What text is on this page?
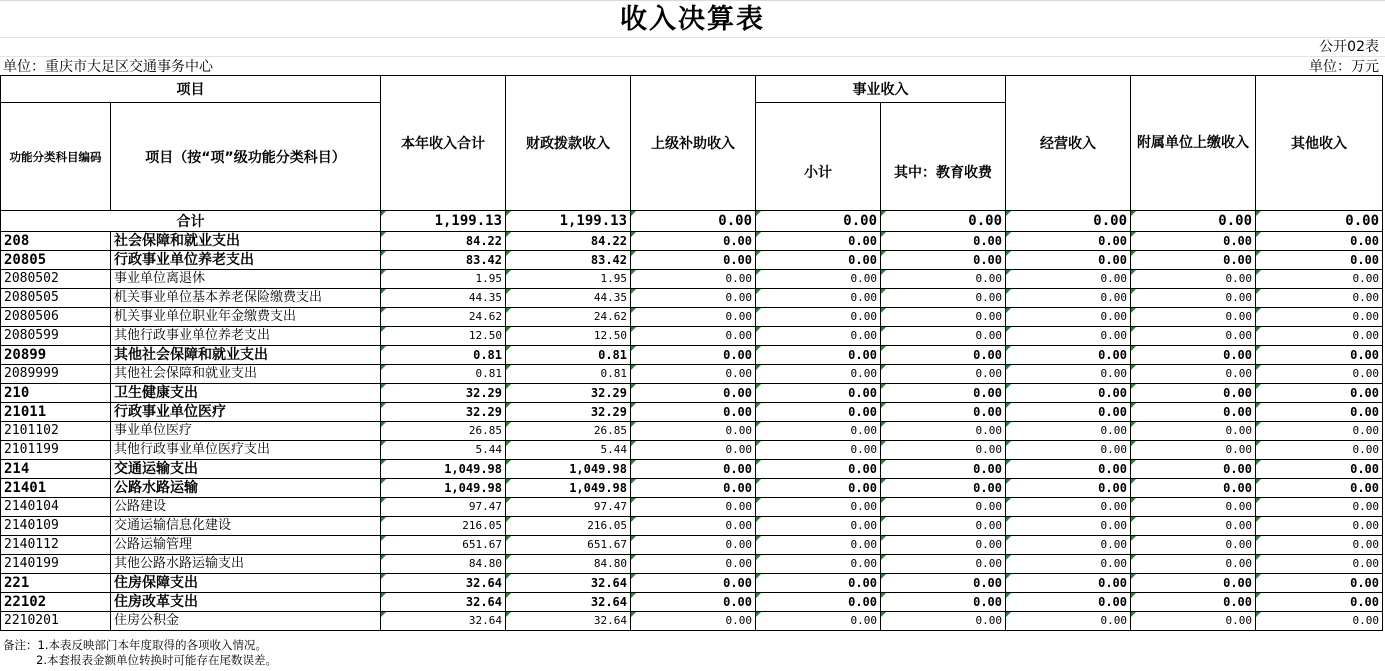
收入决算表
公开02表
单位：重庆市大足区交通事务中心	单位：万元
项目		本年收入合计	财政拨款收入	上级补助收入	事业收入		经营收入	附属单位上缴收入	其他收入
功能分类科目编码	项目（按“项”级功能分类科目）				小计	其中：教育收费			
合计		1,199.13	1,199.13	0.00	0.00	0.00	0.00	0.00	0.00
208	社会保障和就业支出	84.22	84.22	0.00	0.00	0.00	0.00	0.00	0.00
20805	行政事业单位养老支出	83.42	83.42	0.00	0.00	0.00	0.00	0.00	0.00
2080502	事业单位离退休	1.95	1.95	0.00	0.00	0.00	0.00	0.00	0.00
2080505	机关事业单位基本养老保险缴费支出	44.35	44.35	0.00	0.00	0.00	0.00	0.00	0.00
2080506	机关事业单位职业年金缴费支出	24.62	24.62	0.00	0.00	0.00	0.00	0.00	0.00
2080599	其他行政事业单位养老支出	12.50	12.50	0.00	0.00	0.00	0.00	0.00	0.00
20899	其他社会保障和就业支出	0.81	0.81	0.00	0.00	0.00	0.00	0.00	0.00
2089999	其他社会保障和就业支出	0.81	0.81	0.00	0.00	0.00	0.00	0.00	0.00
210	卫生健康支出	32.29	32.29	0.00	0.00	0.00	0.00	0.00	0.00
21011	行政事业单位医疗	32.29	32.29	0.00	0.00	0.00	0.00	0.00	0.00
2101102	事业单位医疗	26.85	26.85	0.00	0.00	0.00	0.00	0.00	0.00
2101199	其他行政事业单位医疗支出	5.44	5.44	0.00	0.00	0.00	0.00	0.00	0.00
214	交通运输支出	1,049.98	1,049.98	0.00	0.00	0.00	0.00	0.00	0.00
21401	公路水路运输	1,049.98	1,049.98	0.00	0.00	0.00	0.00	0.00	0.00
2140104	公路建设	97.47	97.47	0.00	0.00	0.00	0.00	0.00	0.00
2140109	交通运输信息化建设	216.05	216.05	0.00	0.00	0.00	0.00	0.00	0.00
2140112	公路运输管理	651.67	651.67	0.00	0.00	0.00	0.00	0.00	0.00
2140199	其他公路水路运输支出	84.80	84.80	0.00	0.00	0.00	0.00	0.00	0.00
221	住房保障支出	32.64	32.64	0.00	0.00	0.00	0.00	0.00	0.00
22102	住房改革支出	32.64	32.64	0.00	0.00	0.00	0.00	0.00	0.00
2210201	住房公积金	32.64	32.64	0.00	0.00	0.00	0.00	0.00	0.00
备注：1.本表反映部门本年度取得的各项收入情况。
2.本套报表金额单位转换时可能存在尾数误差。
